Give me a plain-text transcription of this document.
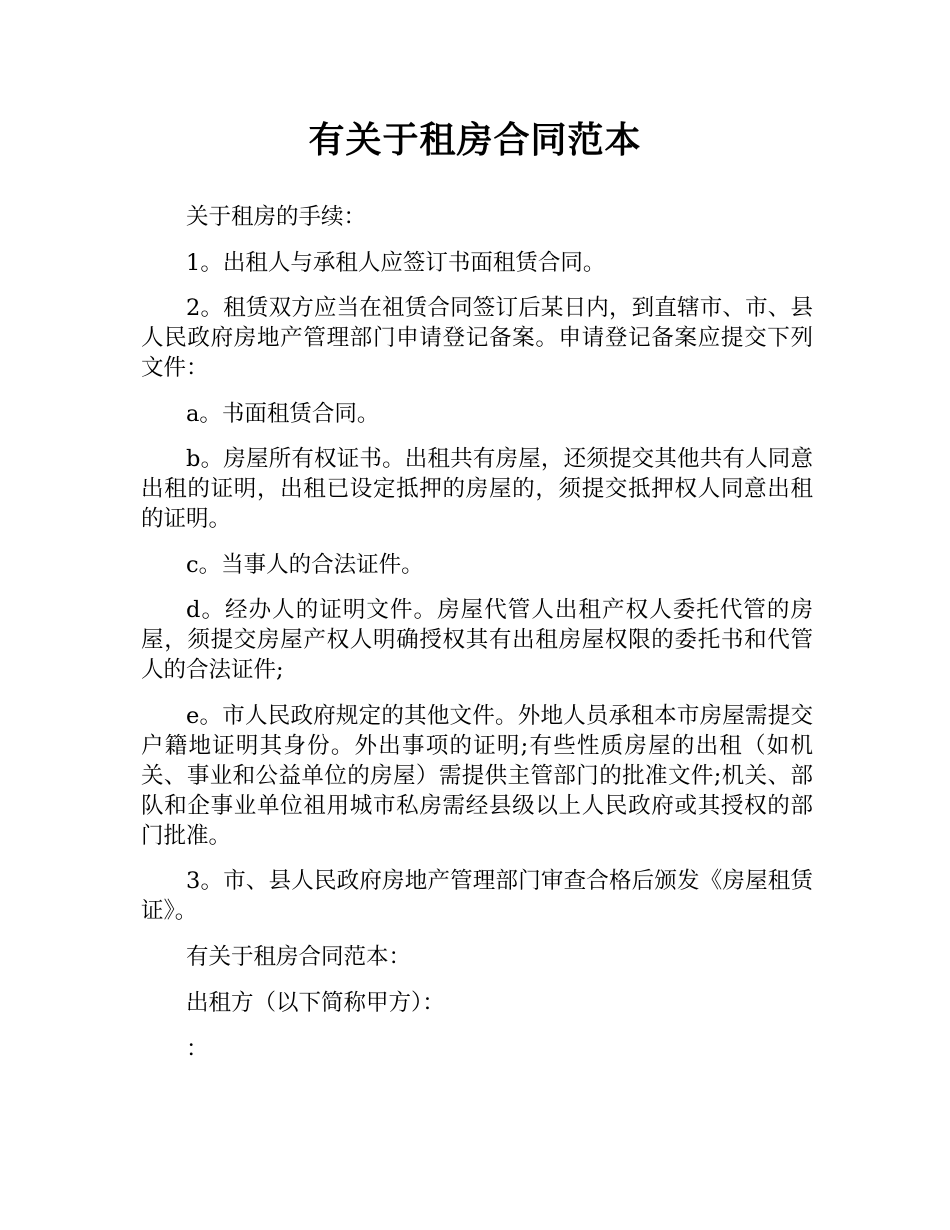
有关于租房合同范本

关于租房的手续：

1。出租人与承租人应签订书面租赁合同。

2。租赁双方应当在祖赁合同签订后某日内，到直辖市、市、县人民政府房地产管理部门申请登记备案。申请登记备案应提交下列文件：

a。书面租赁合同。

b。房屋所有权证书。出租共有房屋，还须提交其他共有人同意出租的证明，出租已设定抵押的房屋的，须提交抵押权人同意出租的证明。

c。当事人的合法证件。

d。经办人的证明文件。房屋代管人出租产权人委托代管的房屋，须提交房屋产权人明确授权其有出租房屋权限的委托书和代管人的合法证件;

e。市人民政府规定的其他文件。外地人员承租本市房屋需提交户籍地证明其身份。外出事项的证明;有些性质房屋的出租（如机关、事业和公益单位的房屋）需提供主管部门的批准文件;机关、部队和企事业单位祖用城市私房需经县级以上人民政府或其授权的部门批准。

3。市、县人民政府房地产管理部门审查合格后颁发《房屋租赁证》。

有关于租房合同范本：

出租方（以下简称甲方）：

：
